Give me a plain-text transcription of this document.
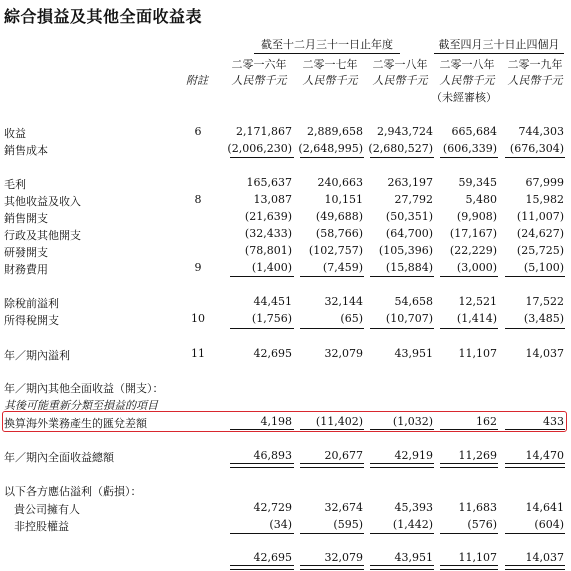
綜合損益及其他全面收益表
截至十二月三十一日止年度	截至四月三十日止四個月
二零一六年	二零一七年	二零一八年	二零一八年	二零一九年
附註	人民幣千元	人民幣千元	人民幣千元	人民幣千元	人民幣千元
（未經審核）
收益	6	2,171,867	2,889,658	2,943,724	665,684	744,303
銷售成本	(2,006,230) (2,648,995) (2,680,527) (606,339)	(676,304)
毛利	165,637	240,663	263,197	59,345	67,999
其他收益及收入	8	13,087	10,151	27,792	5,480	15,982
銷售開支	(21,639)	(49,688)	(50,351)	(9,908)	(11,007)
行政及其他開支	(32,433)	(58,766)	(64,700)	(17,167)	(24,627)
研發開支	(78,801)	(102,757)	(105,396)	(22,229)	(25,725)
財務費用	9	(1,400)	(7,459)	(15,884)	(3,000)	(5,100)
除稅前溢利	44,451	32,144	54,658	12,521	17,522
所得稅開支	10	(1,756)	(65)	(10,707)	(1,414)	(3,485)
年／期內溢利	11	42,695	32,079	43,951	11,107	14,037
年／期內其他全面收益（開支）：
其後可能重新分類至損益的項目
換算海外業務產生的匯兌差額	4,198	(11,402)	(1,032)	162	433
年／期內全面收益總額	46,893	20,677	42,919	11,269	14,470
以下各方應佔溢利（虧損）：
貴公司擁有人	42,729	32,674	45,393	11,683	14,641
非控股權益	(34)	(595)	(1,442)	(576)	(604)
42,695	32,079	43,951	11,107	14,037
